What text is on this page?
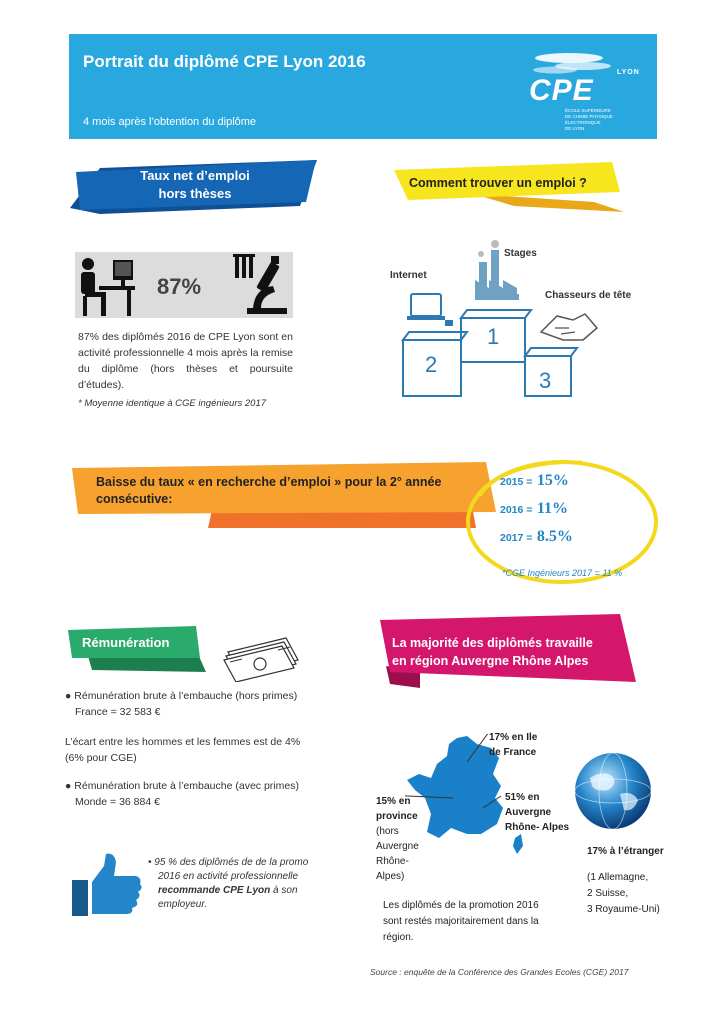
Portrait du diplômé CPE Lyon 2016
4 mois après l’obtention du diplôme
LYON
CPE
ÉCOLE SUPÉRIEURE
DE CHIMIE PHYSIQUE ÉLECTRONIQUE
DE LYON
Taux net d’emploi
hors thèses
87%
87% des diplômés 2016 de CPE Lyon sont en activité professionnelle 4 mois après la remise du diplôme (hors thèses et poursuite d’études).
* Moyenne identique à CGE ingénieurs 2017
Comment trouver un emploi ?
1
2
3
Stages
Internet
Chasseurs de tête
Baisse du taux « en recherche d’emploi » pour la 2° année
consécutive:
2015 = 15%
2016 = 11%
2017 = 8.5%
*CGE Ingénieurs 2017 = 11 %
Rémunération
● Rémunération brute à l’embauche (hors primes)
France = 32 583 €
L’écart entre les hommes et les femmes est de 4%
(6% pour CGE)
● Rémunération brute à l’embauche (avec primes)
Monde = 36 884 €
• 95 % des diplômés de de la promo
2016 en activité professionnelle
recommande CPE Lyon à son
employeur.
La majorité des diplômés travaille
en région Auvergne Rhône Alpes
17% en Ile
de France
15% en
province
(hors
Auvergne
Rhône-
Alpes)
51% en
Auvergne
Rhône- Alpes
17% à l’étranger
(1 Allemagne,
2 Suisse,
3 Royaume-Uni)
Les diplômés de la promotion 2016
sont restés majoritairement dans la
région.
Source : enquête de la Conférence des Grandes Ecoles (CGE) 2017
